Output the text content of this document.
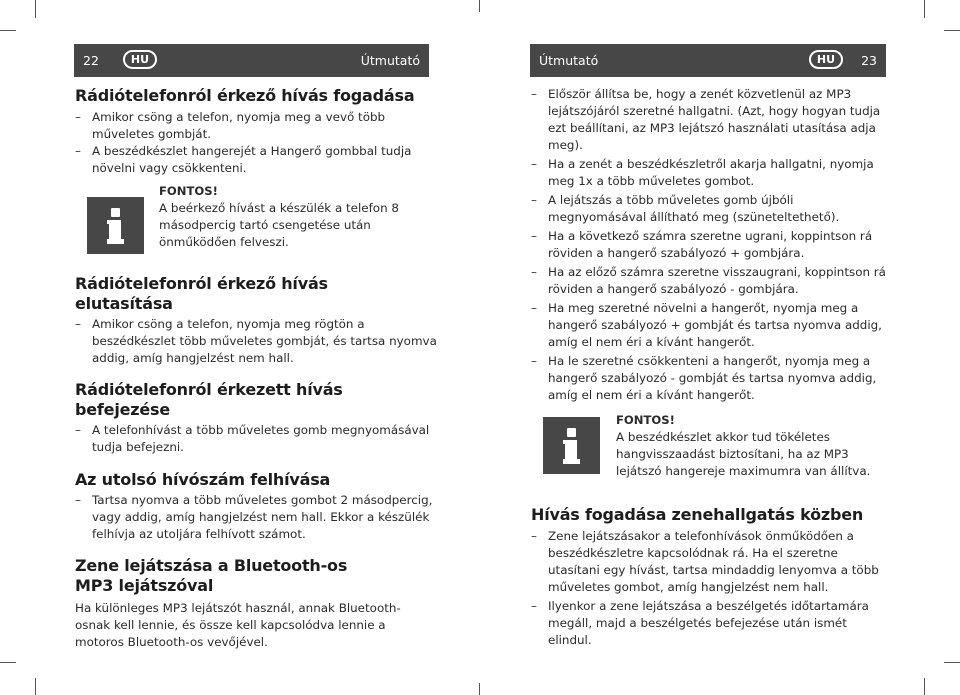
22	HU	Útmutató	Útmutató	HU	23
Rádiótelefonról érkező hívás fogadása
– Amikor csöng a telefon, nyomja meg a vevő több műveletes gombját.
– A beszédkészlet hangerejét a Hangerő gombbal tudja növelni vagy csökkenteni.
FONTOS!
A beérkező hívást a készülék a telefon 8 másodpercig tartó csengetése után önműködően felveszi.
Rádiótelefonról érkező hívás elutasítása
– Amikor csöng a telefon, nyomja meg rögtön a beszédkészlet több műveletes gombját, és tartsa nyomva addig, amíg hangjelzést nem hall.
Rádiótelefonról érkezett hívás befejezése
– A telefonhívást a több műveletes gomb megnyomásával tudja befejezni.
Az utolsó hívószám felhívása
– Tartsa nyomva a több műveletes gombot 2 másodpercig, vagy addig, amíg hangjelzést nem hall. Ekkor a készülék felhívja az utoljára felhívott számot.
Zene lejátszása a Bluetooth-os MP3 lejátszóval

Ha különleges MP3 lejátszót használ, annak Bluetooth-osnak kell lennie, és össze kell kapcsolódva lennie a motoros Bluetooth-os vevőjével.

– Először állítsa be, hogy a zenét közvetlenül az MP3 lejátszójáról szeretné hallgatni. (Azt, hogy hogyan tudja ezt beállítani, az MP3 lejátszó használati utasítása adja meg).
– Ha a zenét a beszédkészletről akarja hallgatni, nyomja meg 1x a több műveletes gombot.
– A lejátszás a több műveletes gomb újbóli megnyomásával állítható meg (szüneteltethető).
– Ha a következő számra szeretne ugrani, koppintson rá röviden a hangerő szabályozó + gombjára.
– Ha az előző számra szeretne visszaugrani, koppintson rá röviden a hangerő szabályozó - gombjára.
– Ha meg szeretné növelni a hangerőt, nyomja meg a hangerő szabályozó + gombját és tartsa nyomva addig, amíg el nem éri a kívánt hangerőt.
– Ha le szeretné csökkenteni a hangerőt, nyomja meg a hangerő szabályozó - gombját és tartsa nyomva addig, amíg el nem éri a kívánt hangerőt.
FONTOS!
A beszédkészlet akkor tud tökéletes hangvisszaadást biztosítani, ha az MP3 lejátszó hangereje maximumra van állítva.
Hívás fogadása zenehallgatás közben
– Zene lejátszásakor a telefonhívások önműködően a beszédkészletre kapcsolódnak rá. Ha el szeretne utasítani egy hívást, tartsa mindaddig lenyomva a több műveletes gombot, amíg hangjelzést nem hall.
– Ilyenkor a zene lejátszása a beszélgetés időtartamára megáll, majd a beszélgetés befejezése után ismét elindul.
